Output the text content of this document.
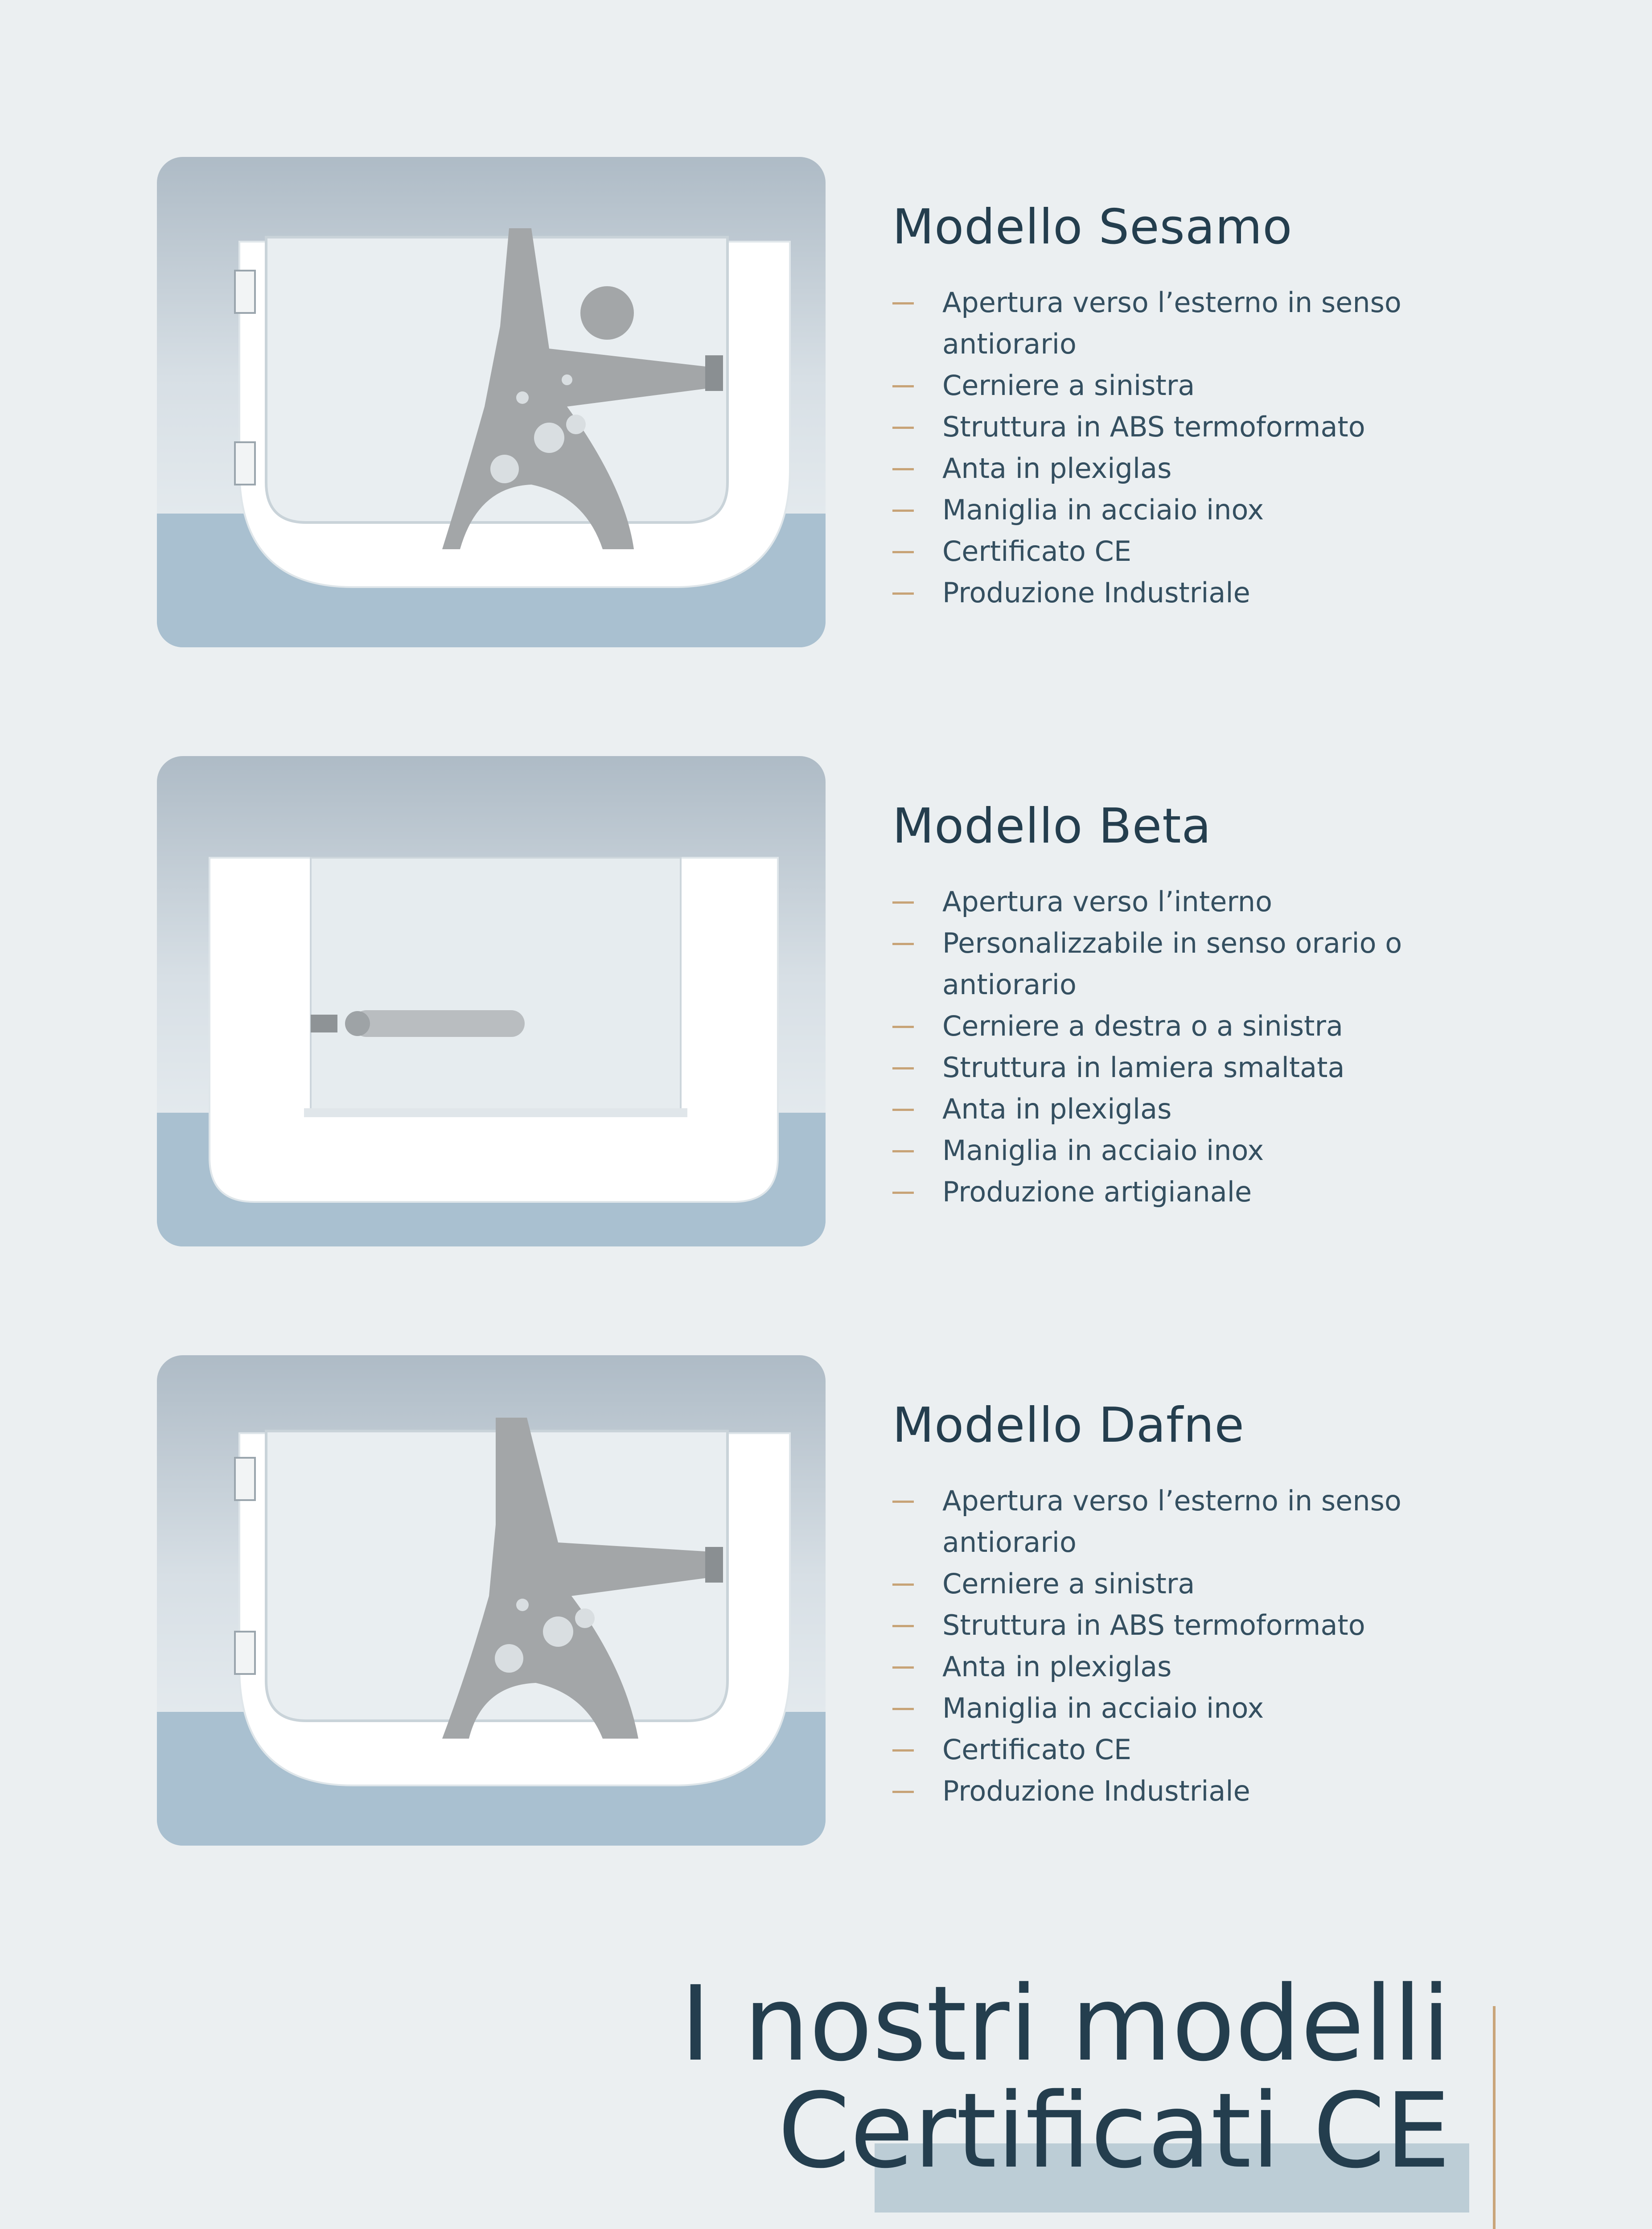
Modello Sesamo
Apertura verso l’esterno in senso antiorario
Cerniere a sinistra
Struttura in ABS termoformato
Anta in plexiglas
Maniglia in acciaio inox
Certificato CE
Produzione Industriale
Modello Beta
Apertura verso l’interno
Personalizzabile in senso orario o antiorario
Cerniere a destra o a sinistra
Struttura in lamiera smaltata
Anta in plexiglas
Maniglia in acciaio inox
Produzione artigianale
Modello Dafne
Apertura verso l’esterno in senso antiorario
Cerniere a sinistra
Struttura in ABS termoformato
Anta in plexiglas
Maniglia in acciaio inox
Certificato CE
Produzione Industriale
I nostri modelli
Certificati CE
